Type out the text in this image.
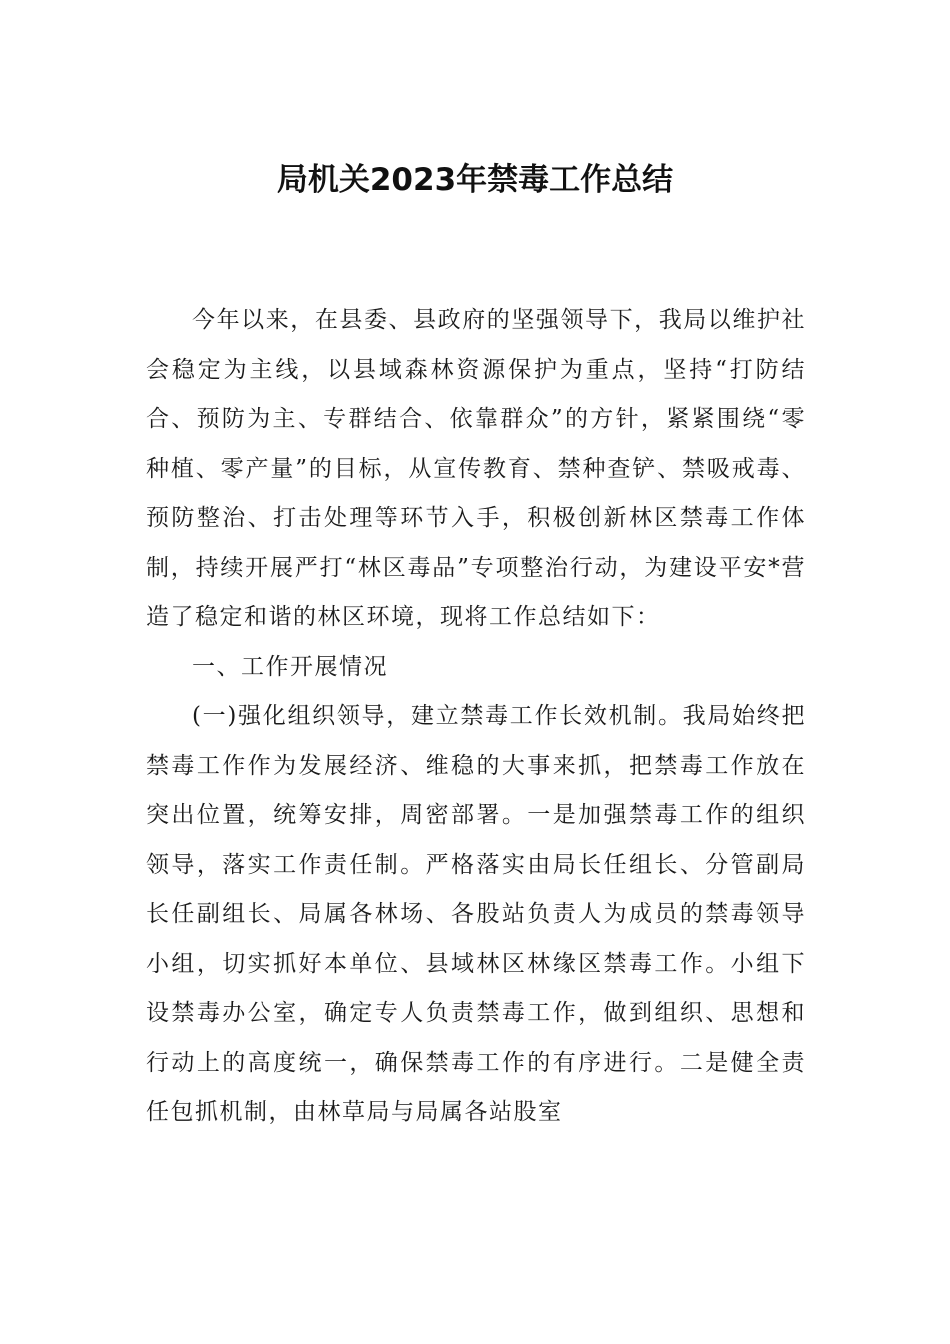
局机关2023年禁毒工作总结

今年以来，在县委、县政府的坚强领导下，我局以维护社会稳定为主线，以县域森林资源保护为重点，坚持“打防结合、预防为主、专群结合、依靠群众”的方针，紧紧围绕“零种植、零产量”的目标，从宣传教育、禁种查铲、禁吸戒毒、预防整治、打击处理等环节入手，积极创新林区禁毒工作体制，持续开展严打“林区毒品”专项整治行动，为建设平安*营造了稳定和谐的林区环境，现将工作总结如下：

一、工作开展情况

(一)强化组织领导，建立禁毒工作长效机制。我局始终把禁毒工作作为发展经济、维稳的大事来抓，把禁毒工作放在突出位置，统筹安排，周密部署。一是加强禁毒工作的组织领导，落实工作责任制。严格落实由局长任组长、分管副局长任副组长、局属各林场、各股站负责人为成员的禁毒领导小组，切实抓好本单位、县域林区林缘区禁毒工作。小组下设禁毒办公室，确定专人负责禁毒工作，做到组织、思想和行动上的高度统一，确保禁毒工作的有序进行。二是健全责任包抓机制，由林草局与局属各站股室
